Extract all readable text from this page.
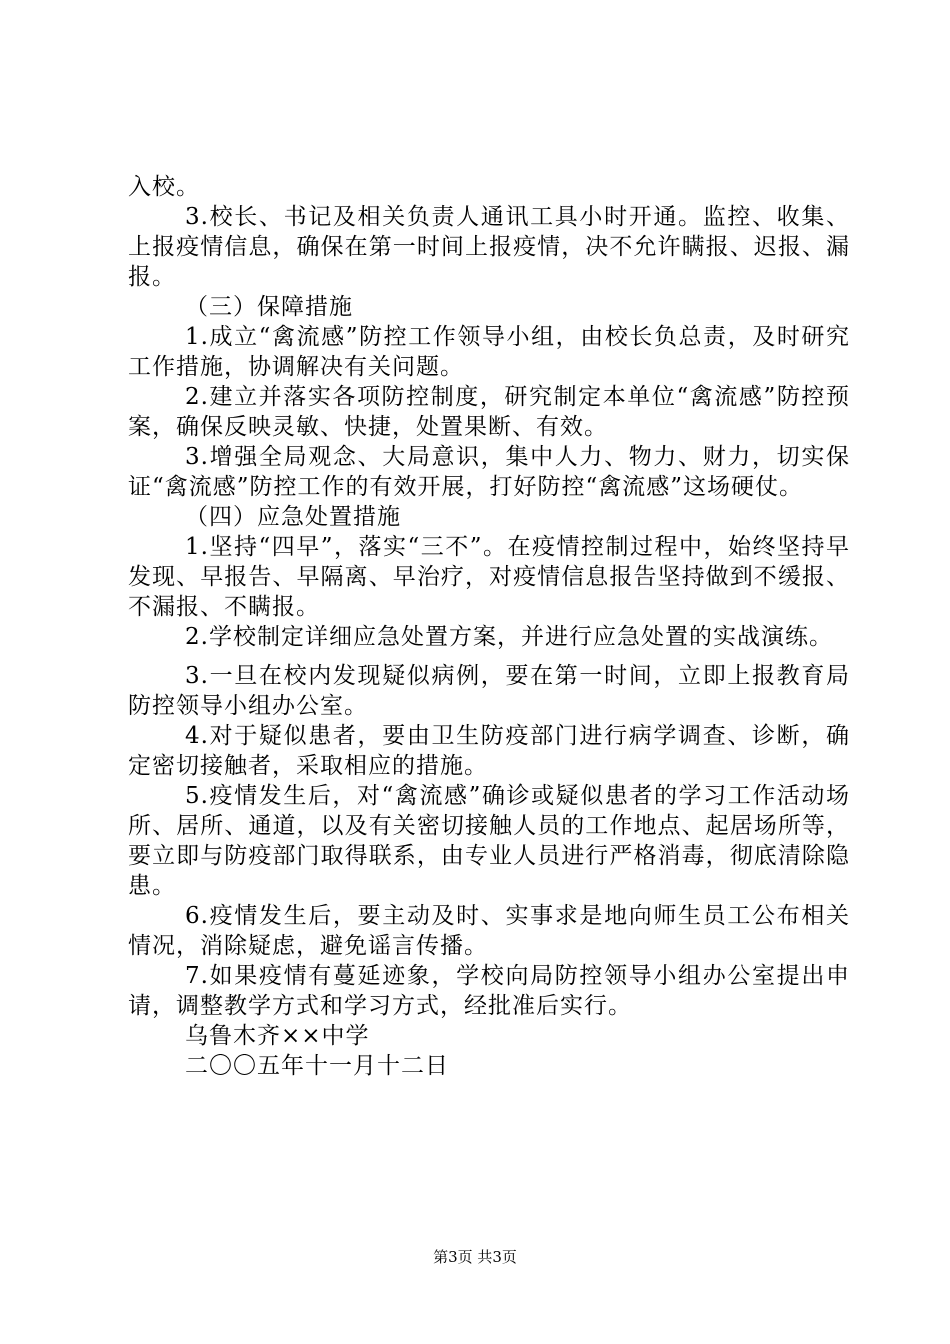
入校。

3.校长、书记及相关负责人通讯工具小时开通。监控、收集、上报疫情信息，确保在第一时间上报疫情，决不允许瞒报、迟报、漏报。

（三）保障措施

1.成立“禽流感”防控工作领导小组，由校长负总责，及时研究工作措施，协调解决有关问题。

2.建立并落实各项防控制度，研究制定本单位“禽流感”防控预案，确保反映灵敏、快捷，处置果断、有效。

3.增强全局观念、大局意识，集中人力、物力、财力，切实保证“禽流感”防控工作的有效开展，打好防控“禽流感”这场硬仗。

（四）应急处置措施

1.坚持“四早”，落实“三不”。在疫情控制过程中，始终坚持早发现、早报告、早隔离、早治疗，对疫情信息报告坚持做到不缓报、不漏报、不瞒报。

2.学校制定详细应急处置方案，并进行应急处置的实战演练。

3.一旦在校内发现疑似病例，要在第一时间，立即上报教育局防控领导小组办公室。

4.对于疑似患者，要由卫生防疫部门进行病学调查、诊断，确定密切接触者，采取相应的措施。

5.疫情发生后，对“禽流感”确诊或疑似患者的学习工作活动场所、居所、通道，以及有关密切接触人员的工作地点、起居场所等，要立即与防疫部门取得联系，由专业人员进行严格消毒，彻底清除隐患。

6.疫情发生后，要主动及时、实事求是地向师生员工公布相关情况，消除疑虑，避免谣言传播。

7.如果疫情有蔓延迹象，学校向局防控领导小组办公室提出申请，调整教学方式和学习方式，经批准后实行。

乌鲁木齐××中学

二〇〇五年十一月十二日

第3页 共3页
